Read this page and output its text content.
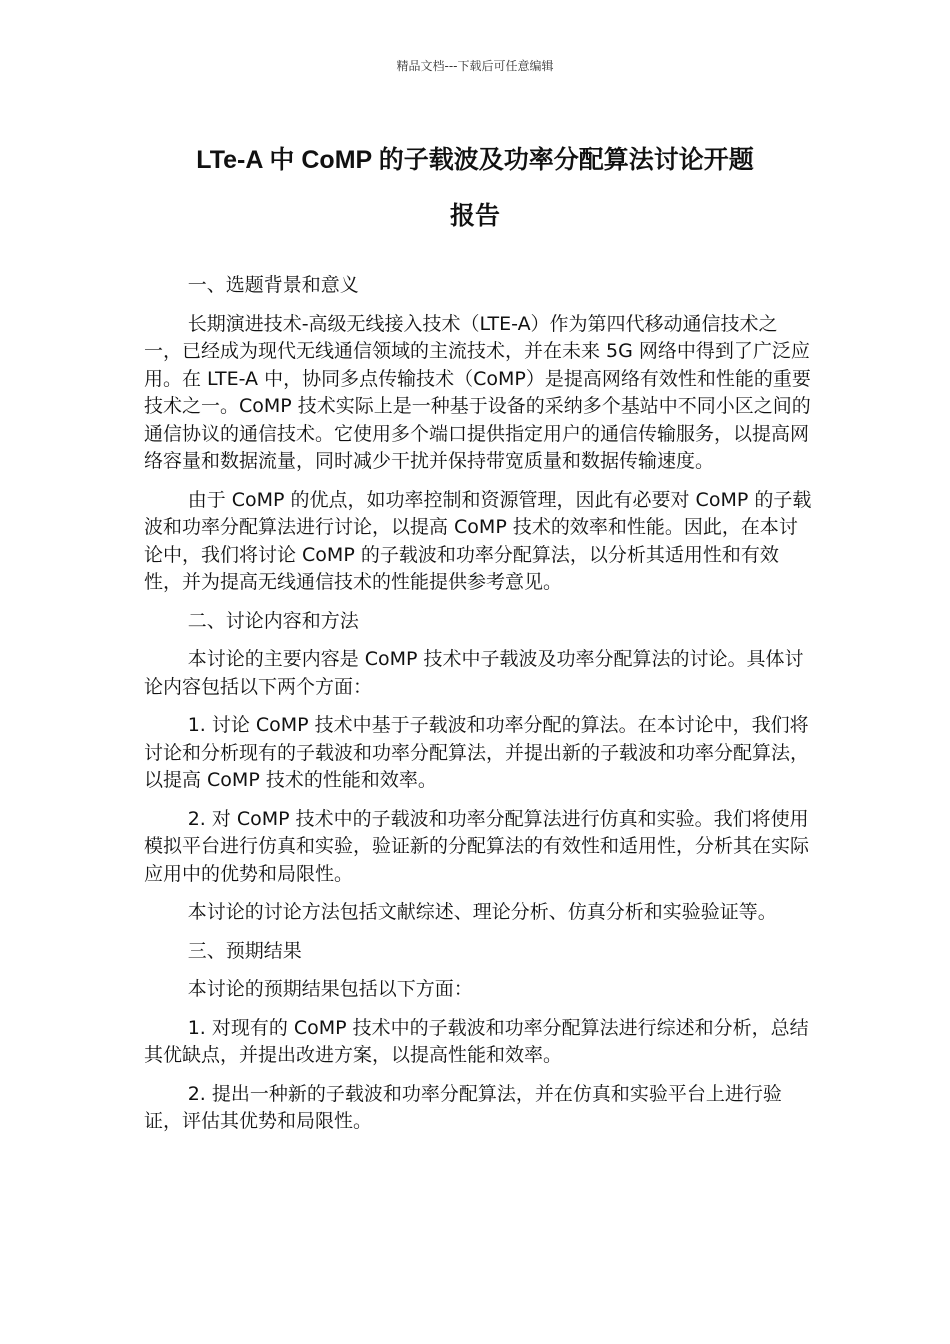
精品文档---下载后可任意编辑
LTe-A 中 CoMP 的子载波及功率分配算法讨论开题
报告

一、选题背景和意义

长期演进技术-高级无线接入技术（LTE-A）作为第四代移动通信技术之一，已经成为现代无线通信领域的主流技术，并在未来 5G 网络中得到了广泛应用。在 LTE-A 中，协同多点传输技术（CoMP）是提高网络有效性和性能的重要技术之一。CoMP 技术实际上是一种基于设备的采纳多个基站中不同小区之间的通信协议的通信技术。它使用多个端口提供指定用户的通信传输服务，以提高网络容量和数据流量，同时减少干扰并保持带宽质量和数据传输速度。

由于 CoMP 的优点，如功率控制和资源管理，因此有必要对 CoMP 的子载波和功率分配算法进行讨论，以提高 CoMP 技术的效率和性能。因此，在本讨论中，我们将讨论 CoMP 的子载波和功率分配算法，以分析其适用性和有效性，并为提高无线通信技术的性能提供参考意见。

二、讨论内容和方法

本讨论的主要内容是 CoMP 技术中子载波及功率分配算法的讨论。具体讨论内容包括以下两个方面：

1. 讨论 CoMP 技术中基于子载波和功率分配的算法。在本讨论中，我们将讨论和分析现有的子载波和功率分配算法，并提出新的子载波和功率分配算法，以提高 CoMP 技术的性能和效率。

2. 对 CoMP 技术中的子载波和功率分配算法进行仿真和实验。我们将使用模拟平台进行仿真和实验，验证新的分配算法的有效性和适用性，分析其在实际应用中的优势和局限性。

本讨论的讨论方法包括文献综述、理论分析、仿真分析和实验验证等。

三、预期结果

本讨论的预期结果包括以下方面：

1. 对现有的 CoMP 技术中的子载波和功率分配算法进行综述和分析，总结其优缺点，并提出改进方案，以提高性能和效率。

2. 提出一种新的子载波和功率分配算法，并在仿真和实验平台上进行验证，评估其优势和局限性。
